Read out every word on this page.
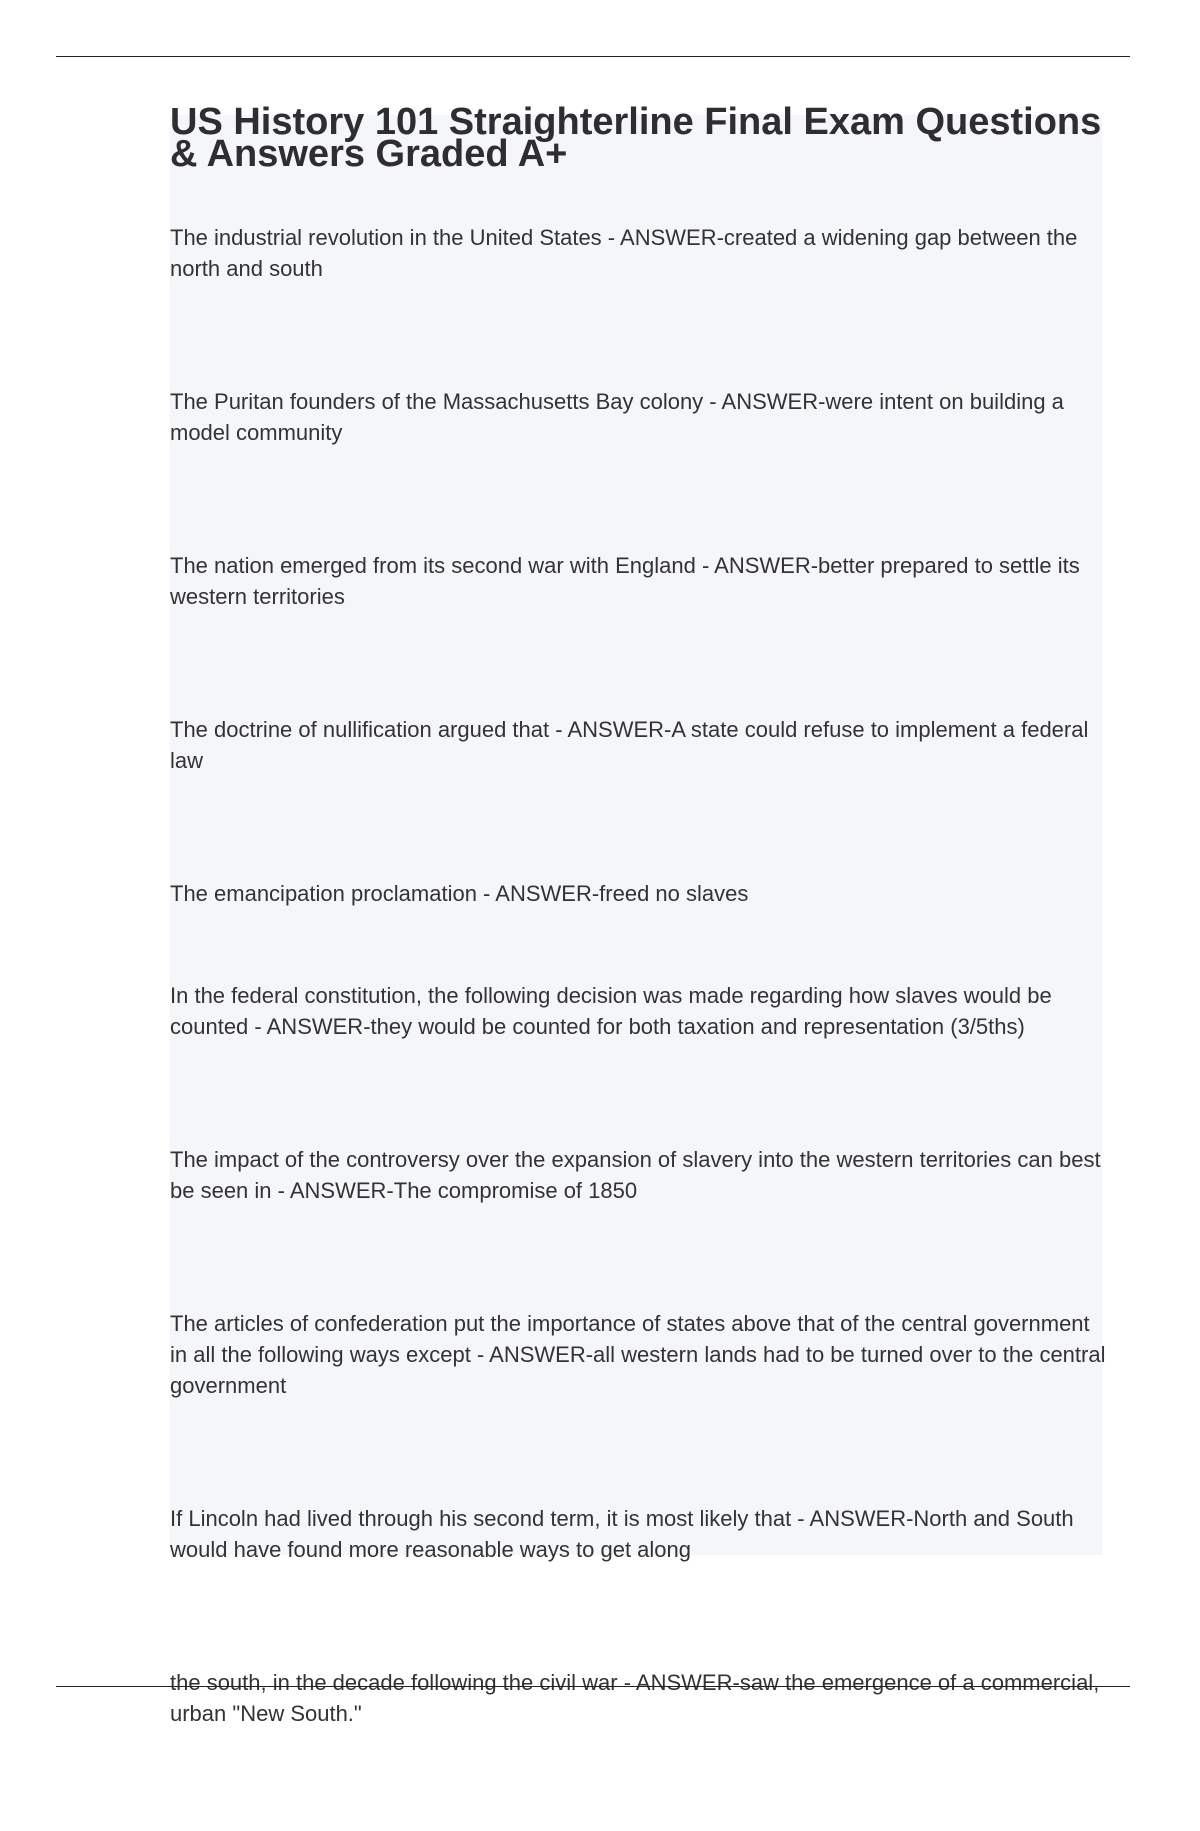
US History 101 Straighterline Final Exam Questions & Answers Graded A+
The industrial revolution in the United States - ANSWER-created a widening gap between the north and south
The Puritan founders of the Massachusetts Bay colony - ANSWER-were intent on building a model community
The nation emerged from its second war with England - ANSWER-better prepared to settle its western territories
The doctrine of nullification argued that - ANSWER-A state could refuse to implement a federal law
The emancipation proclamation - ANSWER-freed no slaves
In the federal constitution, the following decision was made regarding how slaves would be counted - ANSWER-they would be counted for both taxation and representation (3/5ths)
The impact of the controversy over the expansion of slavery into the western territories can best be seen in - ANSWER-The compromise of 1850
The articles of confederation put the importance of states above that of the central government in all the following ways except - ANSWER-all western lands had to be turned over to the central government
If Lincoln had lived through his second term, it is most likely that - ANSWER-North and South would have found more reasonable ways to get along
the south, in the decade following the civil war - ANSWER-saw the emergence of a commercial, urban "New South."
